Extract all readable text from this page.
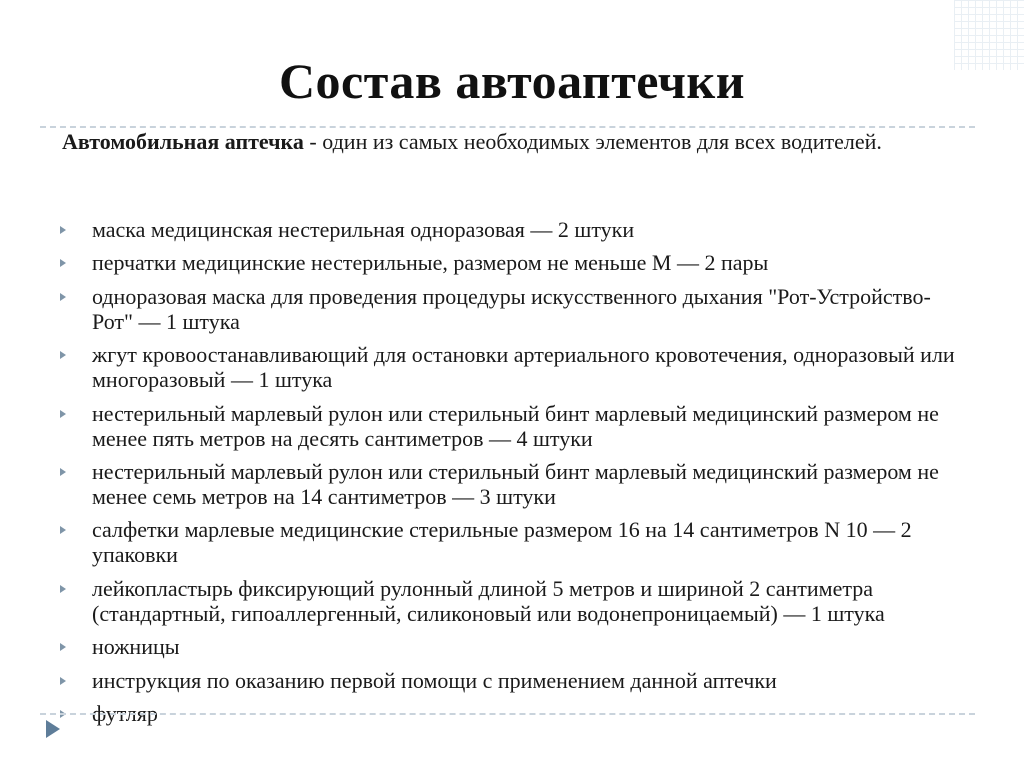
Состав автоаптечки
Автомобильная аптечка - один из самых необходимых элементов для всех водителей.
маска медицинская нестерильная одноразовая — 2 штуки
перчатки медицинские нестерильные, размером не меньше М — 2 пары
одноразовая маска для проведения процедуры искусственного дыхания "Рот-Устройство-Рот" — 1 штука
жгут кровоостанавливающий для остановки артериального кровотечения, одноразовый или многоразовый — 1 штука
нестерильный марлевый рулон или стерильный бинт марлевый медицинский размером не менее пять метров на десять сантиметров — 4 штуки
нестерильный марлевый рулон или стерильный бинт марлевый медицинский размером не менее семь метров на 14 сантиметров — 3 штуки
салфетки марлевые медицинские стерильные размером 16 на 14 сантиметров N 10 — 2 упаковки
лейкопластырь фиксирующий рулонный длиной 5 метров и шириной 2 сантиметра (стандартный, гипоаллергенный, силиконовый или водонепроницаемый) — 1 штука
ножницы
инструкция по оказанию первой помощи с применением данной аптечки
футляр
